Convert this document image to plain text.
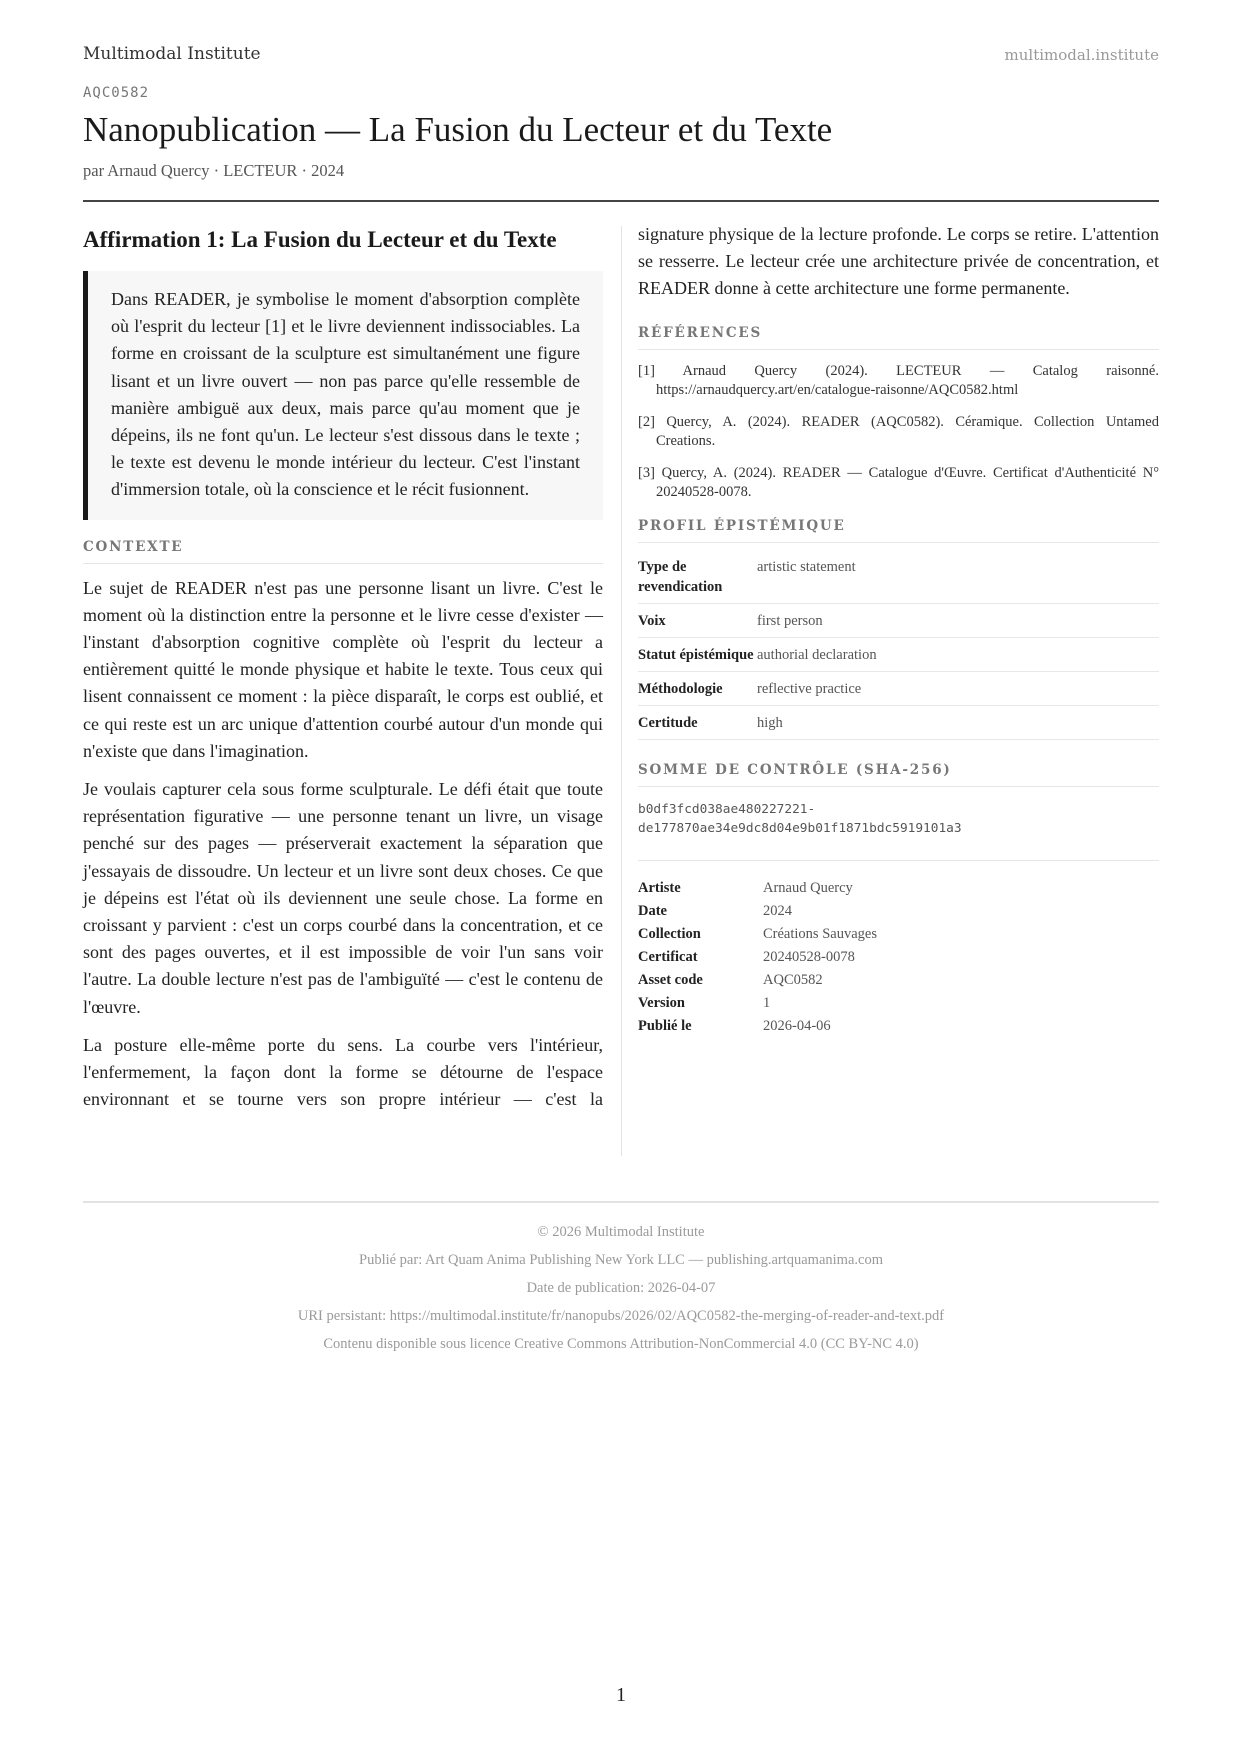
Multimodal Institute	multimodal.institute
AQC0582
Nanopublication — La Fusion du Lecteur et du Texte
par Arnaud Quercy · LECTEUR · 2024
Affirmation 1: La Fusion du Lecteur et du Texte
Dans READER, je symbolise le moment d'absorption complète où l'esprit du lecteur [1] et le livre deviennent indissociables. La forme en croissant de la sculpture est simultanément une figure lisant et un livre ouvert — non pas parce qu'elle ressemble de manière ambiguë aux deux, mais parce qu'au moment que je dépeins, ils ne font qu'un. Le lecteur s'est dissous dans le texte ; le texte est devenu le monde intérieur du lecteur. C'est l'instant d'immersion totale, où la conscience et le récit fusionnent.
CONTEXTE

Le sujet de READER n'est pas une personne lisant un livre. C'est le moment où la distinction entre la personne et le livre cesse d'exister — l'instant d'absorption cognitive complète où l'esprit du lecteur a entièrement quitté le monde physique et habite le texte. Tous ceux qui lisent connaissent ce moment : la pièce disparaît, le corps est oublié, et ce qui reste est un arc unique d'attention courbé autour d'un monde qui n'existe que dans l'imagination.

Je voulais capturer cela sous forme sculpturale. Le défi était que toute représentation figurative — une personne tenant un livre, un visage penché sur des pages — préserverait exactement la séparation que j'essayais de dissoudre. Un lecteur et un livre sont deux choses. Ce que je dépeins est l'état où ils deviennent une seule chose. La forme en croissant y parvient : c'est un corps courbé dans la concentration, et ce sont des pages ouvertes, et il est impossible de voir l'un sans voir l'autre. La double lecture n'est pas de l'ambiguïté — c'est le contenu de l'œuvre.

La posture elle-même porte du sens. La courbe vers l'intérieur, l'enfermement, la façon dont la forme se détourne de l'espace environnant et se tourne vers son propre intérieur — c'est la

signature physique de la lecture profonde. Le corps se retire. L'attention se resserre. Le lecteur crée une architecture privée de concentration, et READER donne à cette architecture une forme permanente.

RÉFÉRENCES
[1] Arnaud Quercy (2024). LECTEUR — Catalog raisonné. https://arnaudquercy.art/en/catalogue-raisonne/AQC0582.html
[2] Quercy, A. (2024). READER (AQC0582). Céramique. Collection Untamed Creations.
[3] Quercy, A. (2024). READER — Catalogue d'Œuvre. Certificat d'Authenticité N° 20240528-0078.
PROFIL ÉPISTÉMIQUE
Type de revendication	artistic statement
Voix	first person
Statut épistémique	authorial declaration
Méthodologie	reflective practice
Certitude	high
SOMME DE CONTRÔLE (SHA-256)
b0df3fcd038ae480227221-
de177870ae34e9dc8d04e9b01f1871bdc5919101a3
Artiste	Arnaud Quercy
Date	2024
Collection	Créations Sauvages
Certificat	20240528-0078
Asset code	AQC0582
Version	1
Publié le	2026-04-06
© 2026 Multimodal Institute
Publié par: Art Quam Anima Publishing New York LLC — publishing.artquamanima.com
Date de publication: 2026-04-07
URI persistant: https://multimodal.institute/fr/nanopubs/2026/02/AQC0582-the-merging-of-reader-and-text.pdf
Contenu disponible sous licence Creative Commons Attribution-NonCommercial 4.0 (CC BY-NC 4.0)
1
